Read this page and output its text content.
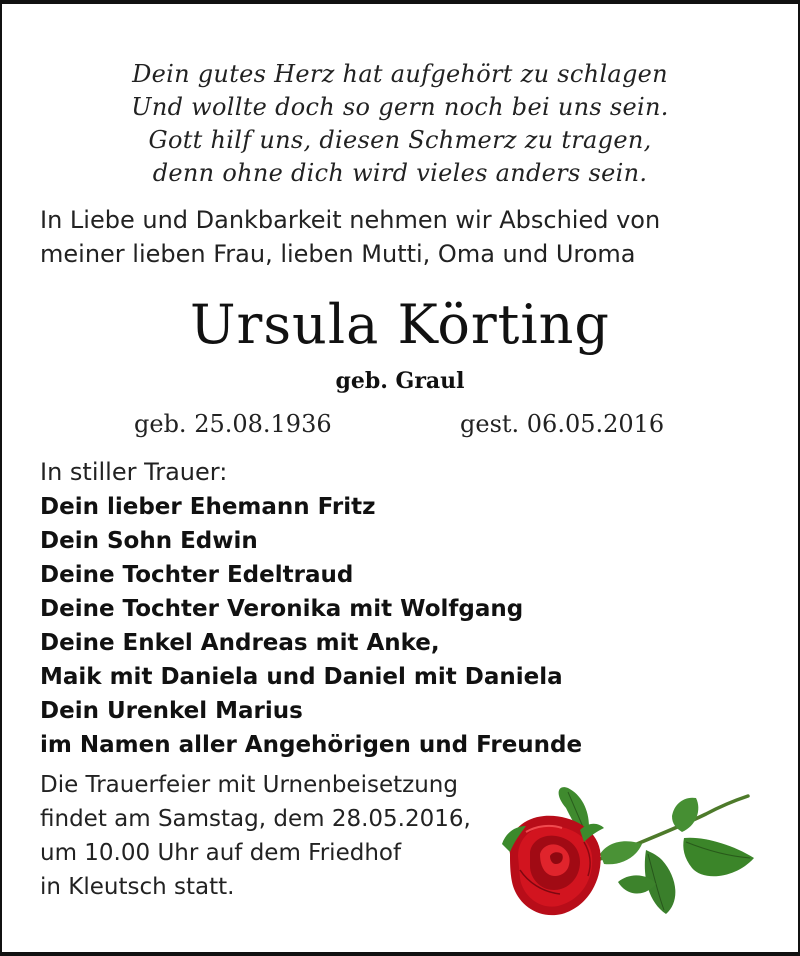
Dein gutes Herz hat aufgehört zu schlagen
Und wollte doch so gern noch bei uns sein.
Gott hilf uns, diesen Schmerz zu tragen,
denn ohne dich wird vieles anders sein.
In Liebe und Dankbarkeit nehmen wir Abschied von
meiner lieben Frau, lieben Mutti, Oma und Uroma
Ursula Körting
geb. Graul
geb. 25.08.1936	gest. 06.05.2016
In stiller Trauer:
Dein lieber Ehemann Fritz
Dein Sohn Edwin
Deine Tochter Edeltraud
Deine Tochter Veronika mit Wolfgang
Deine Enkel Andreas mit Anke,
Maik mit Daniela und Daniel mit Daniela
Dein Urenkel Marius
im Namen aller Angehörigen und Freunde
Die Trauerfeier mit Urnenbeisetzung
findet am Samstag, dem 28.05.2016,
um 10.00 Uhr auf dem Friedhof
in Kleutsch statt.
